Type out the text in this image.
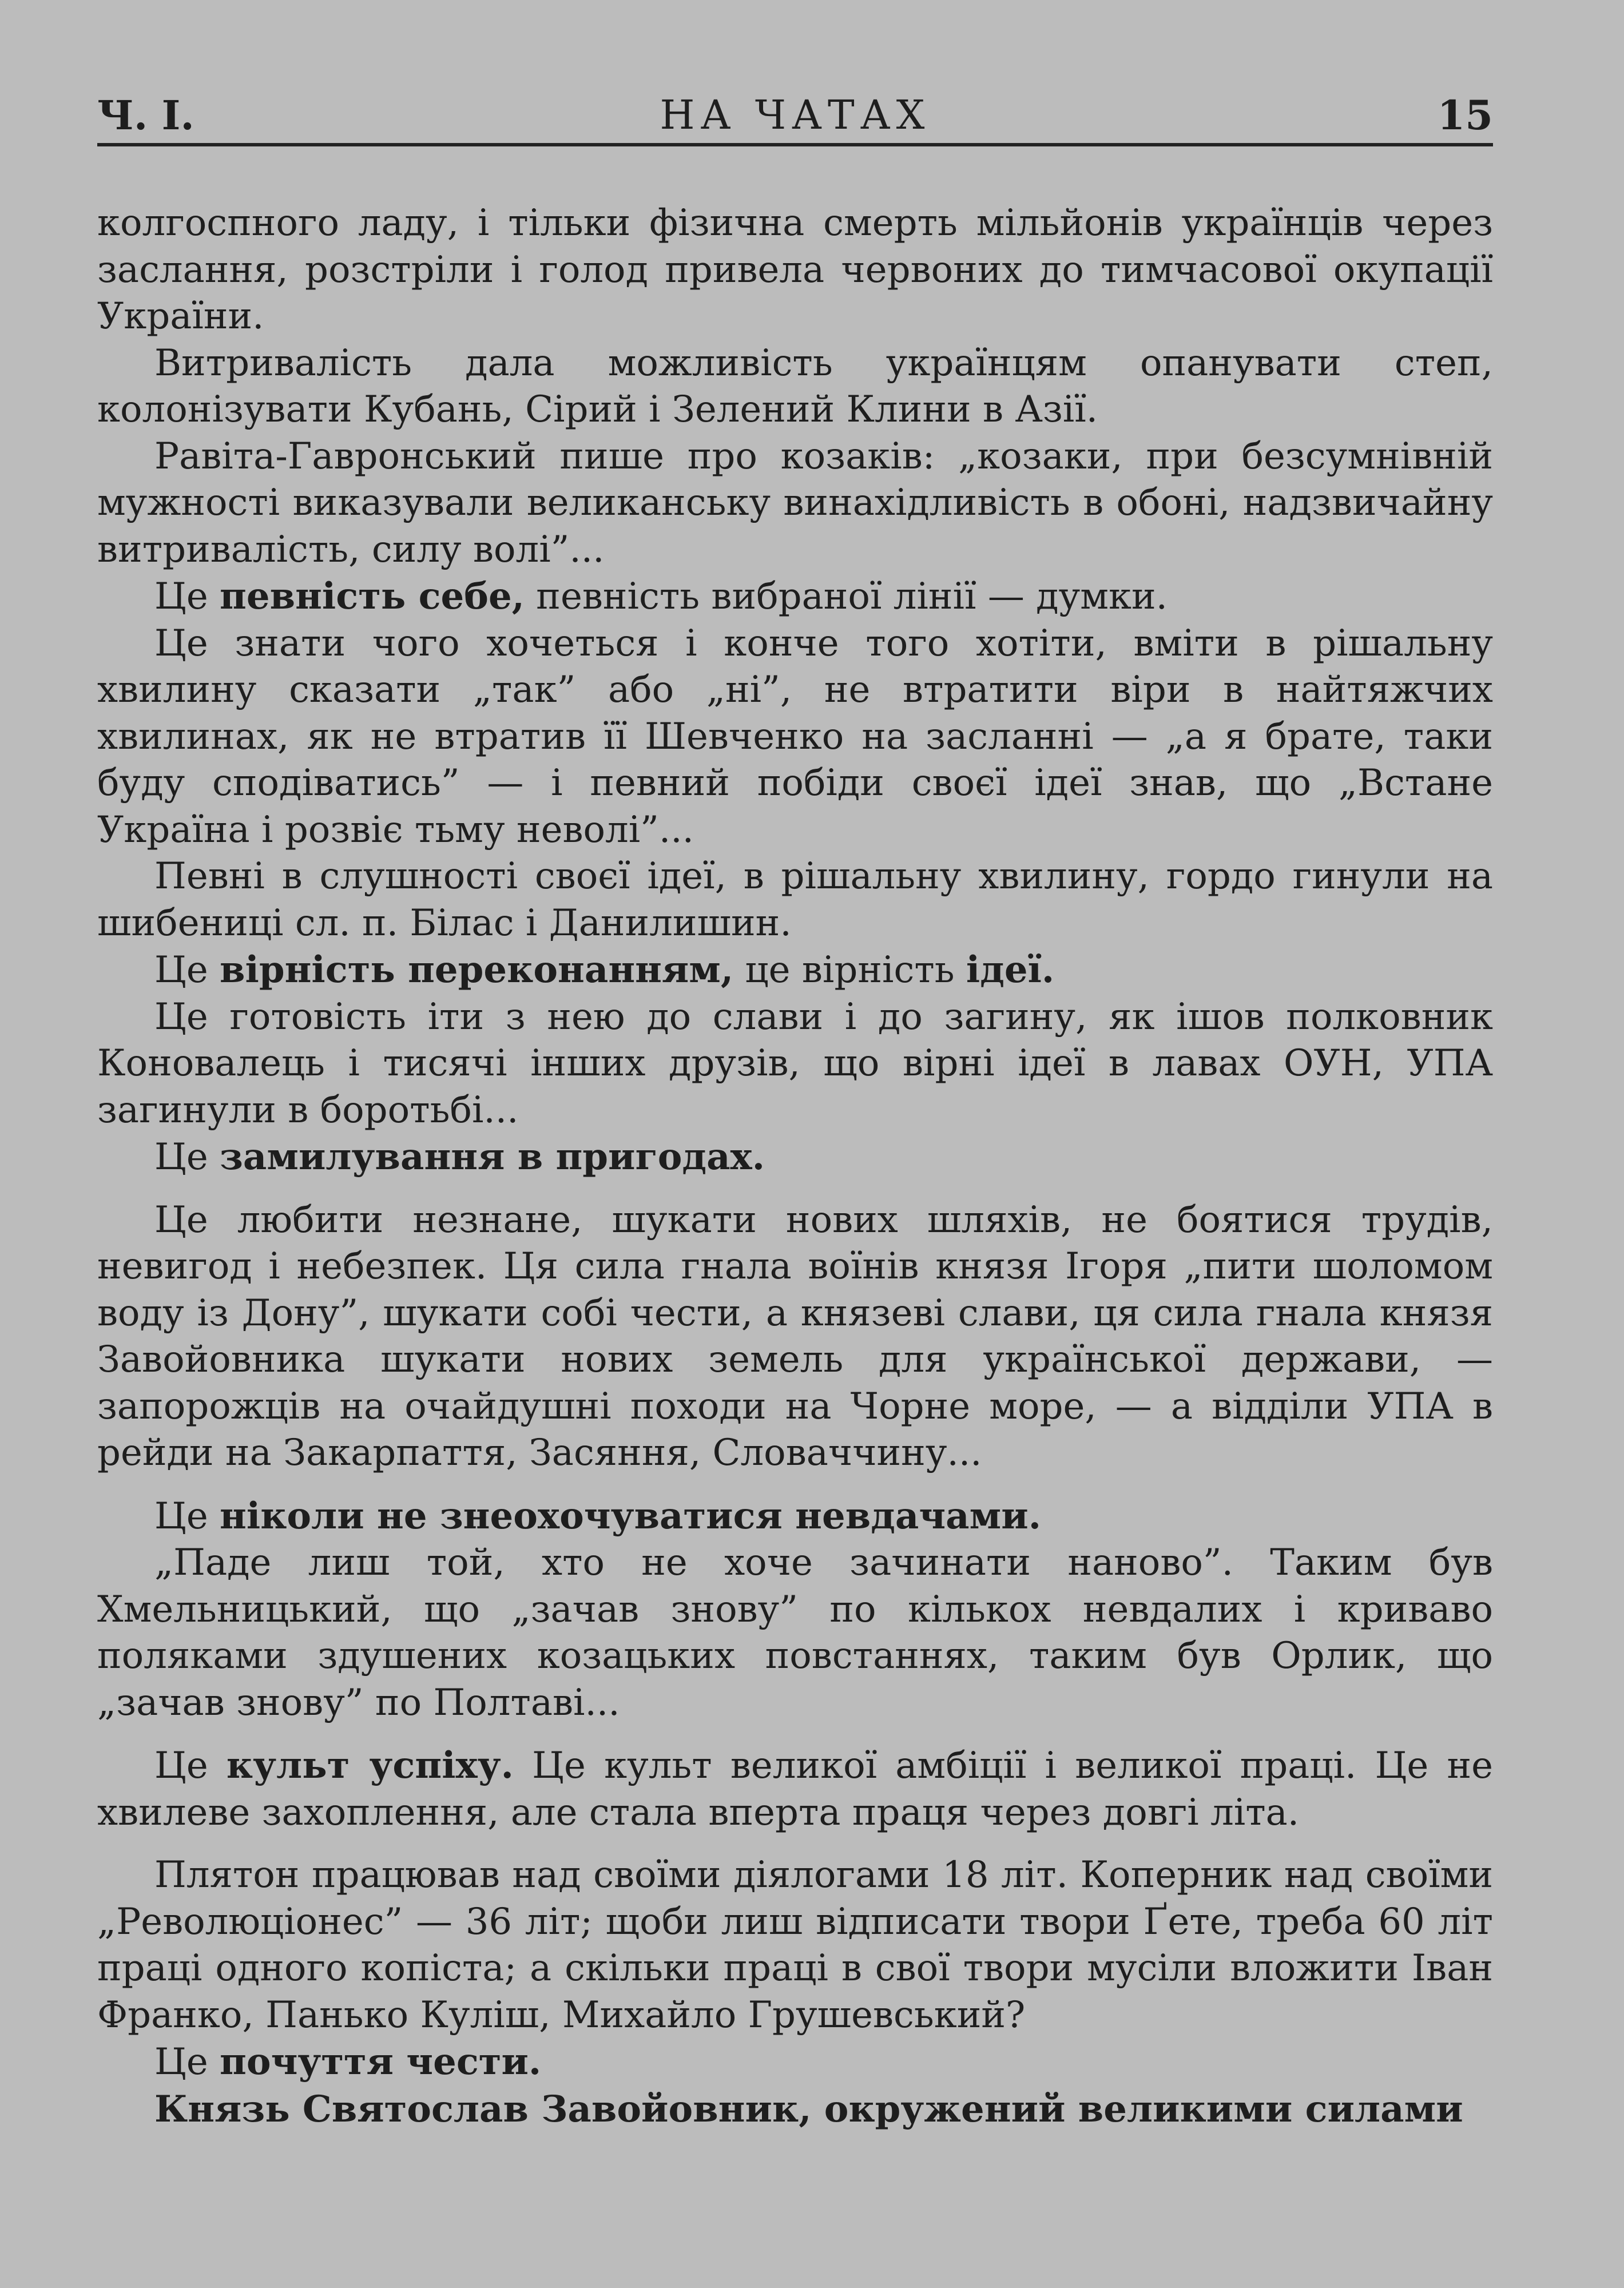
Ч. І.	НА ЧАТАХ	15

колгоспного ладу, і тільки фізична смерть мільйонів українців через заслання, розстріли і голод привела червоних до тимчасової окупації України.

Витривалість дала можливість українцям опанувати степ, колонізувати Кубань, Сірий і Зелений Клини в Азії.

Равіта-Гавронський пише про козаків: „козаки, при безсумнівній мужності виказували великанську винахідливість в обоні, надзвичайну витривалість, силу волі”...

Це певність себе, певність вибраної лінії — думки.

Це знати чого хочеться і конче того хотіти, вміти в рішальну хвилину сказати „так” або „ні”, не втратити віри в найтяжчих хвилинах, як не втратив її Шевченко на засланні — „а я брате, таки буду сподіватись” — і певний побіди своєї ідеї знав, що „Встане Україна і розвіє тьму неволі”...

Певні в слушності своєї ідеї, в рішальну хвилину, гордо гинули на шибениці сл. п. Білас і Данилишин.

Це вірність переконанням, це вірність ідеї.

Це готовість іти з нею до слави і до загину, як ішов полковник Коновалець і тисячі інших друзів, що вірні ідеї в лавах ОУН, УПА загинули в боротьбі...

Це замилування в пригодах.

Це любити незнане, шукати нових шляхів, не боятися трудів, невигод і небезпек. Ця сила гнала воїнів князя Ігоря „пити шоломом воду із Дону”, шукати собі чести, а князеві слави, ця сила гнала князя Завойовника шукати нових земель для української держави, — запорожців на очайдушні походи на Чорне море, — а відділи УПА в рейди на Закарпаття, Засяння, Словаччину...

Це ніколи не знеохочуватися невдачами.

„Паде лиш той, хто не хоче зачинати наново”. Таким був Хмельницький, що „зачав знову” по кількох невдалих і криваво поляками здушених козацьких повстаннях, таким був Орлик, що „зачав знову” по Полтаві...

Це культ успіху. Це культ великої амбіції і великої праці. Це не хвилеве захоплення, але стала вперта праця через довгі літа.

Плятон працював над своїми діялогами 18 літ. Коперник над своїми „Революціонес” — 36 літ; щоби лиш відписати твори Ґете, треба 60 літ праці одного копіста; а скільки праці в свої твори мусіли вложити Іван Франко, Панько Куліш, Михайло Грушевський?

Це почуття чести.

Князь Святослав Завойовник, окружений великими силами
